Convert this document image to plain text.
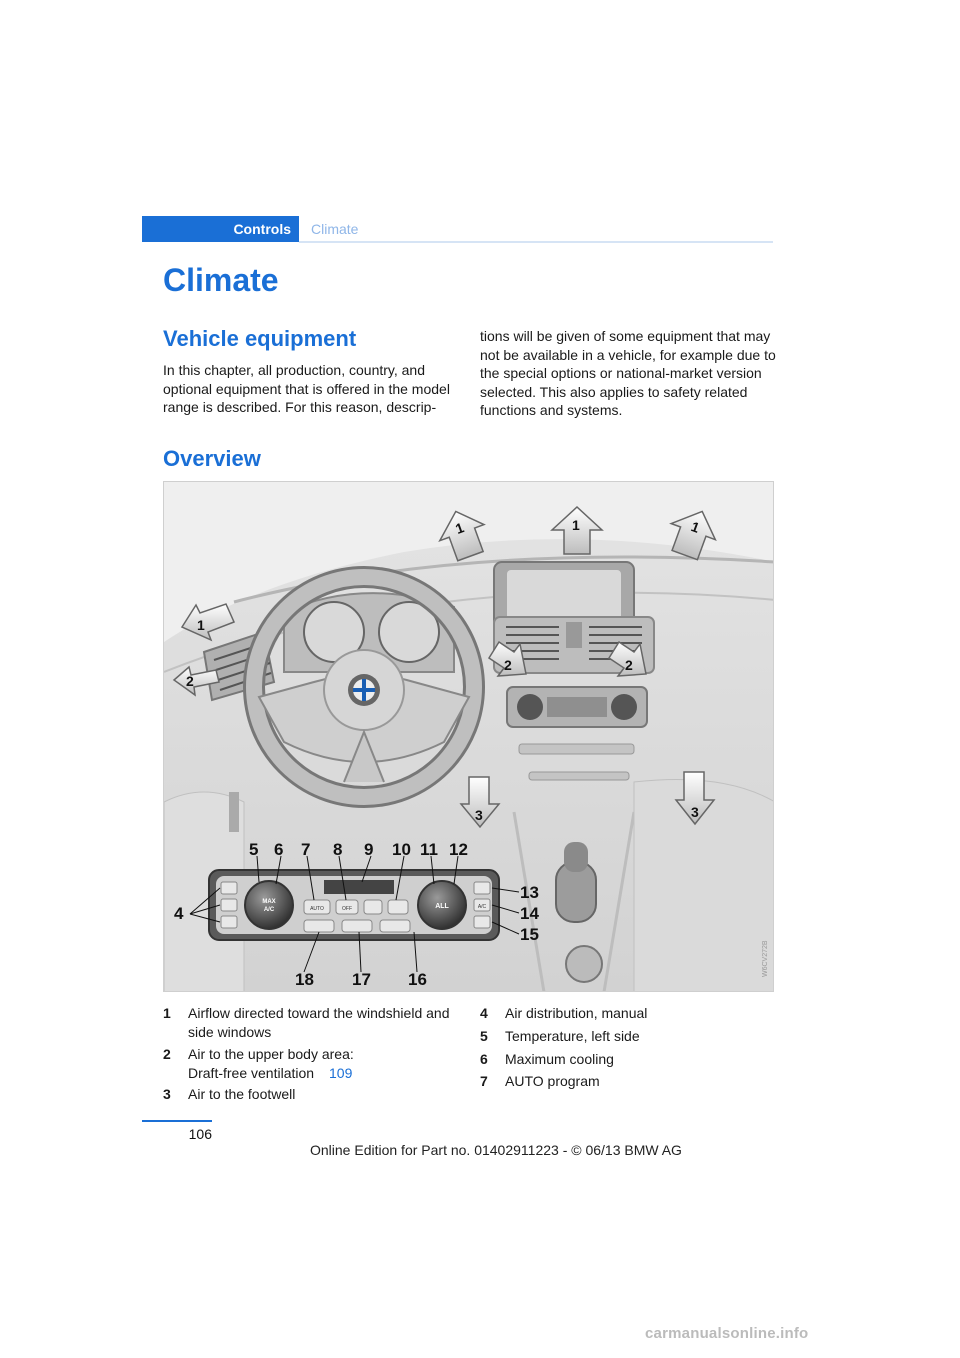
Controls	Climate
Climate
Vehicle equipment

In this chapter, all production, country, and optional equipment that is offered in the model range is described. For this reason, descrip-

tions will be given of some equipment that may not be available in a vehicle, for example due to the special options or national-market version selected. This also applies to safety related functions and systems.

Overview
1	1	1
1
2
2	2
3	3
MAX
A/C	ALL
AUTO	OFF	A/C
5 6 7 8 9 10 11 12
13
14
15
16
17
18
4
W6CV272B
1 Airflow directed toward the windshield and side windows
2 Air to the upper body area: Draft-free ventilation	109
3 Air to the footwell
4 Air distribution, manual
5 Temperature, left side
6 Maximum cooling
7 AUTO program
106
Online Edition for Part no. 01402911223 - © 06/13 BMW AG
carmanualsonline.info
